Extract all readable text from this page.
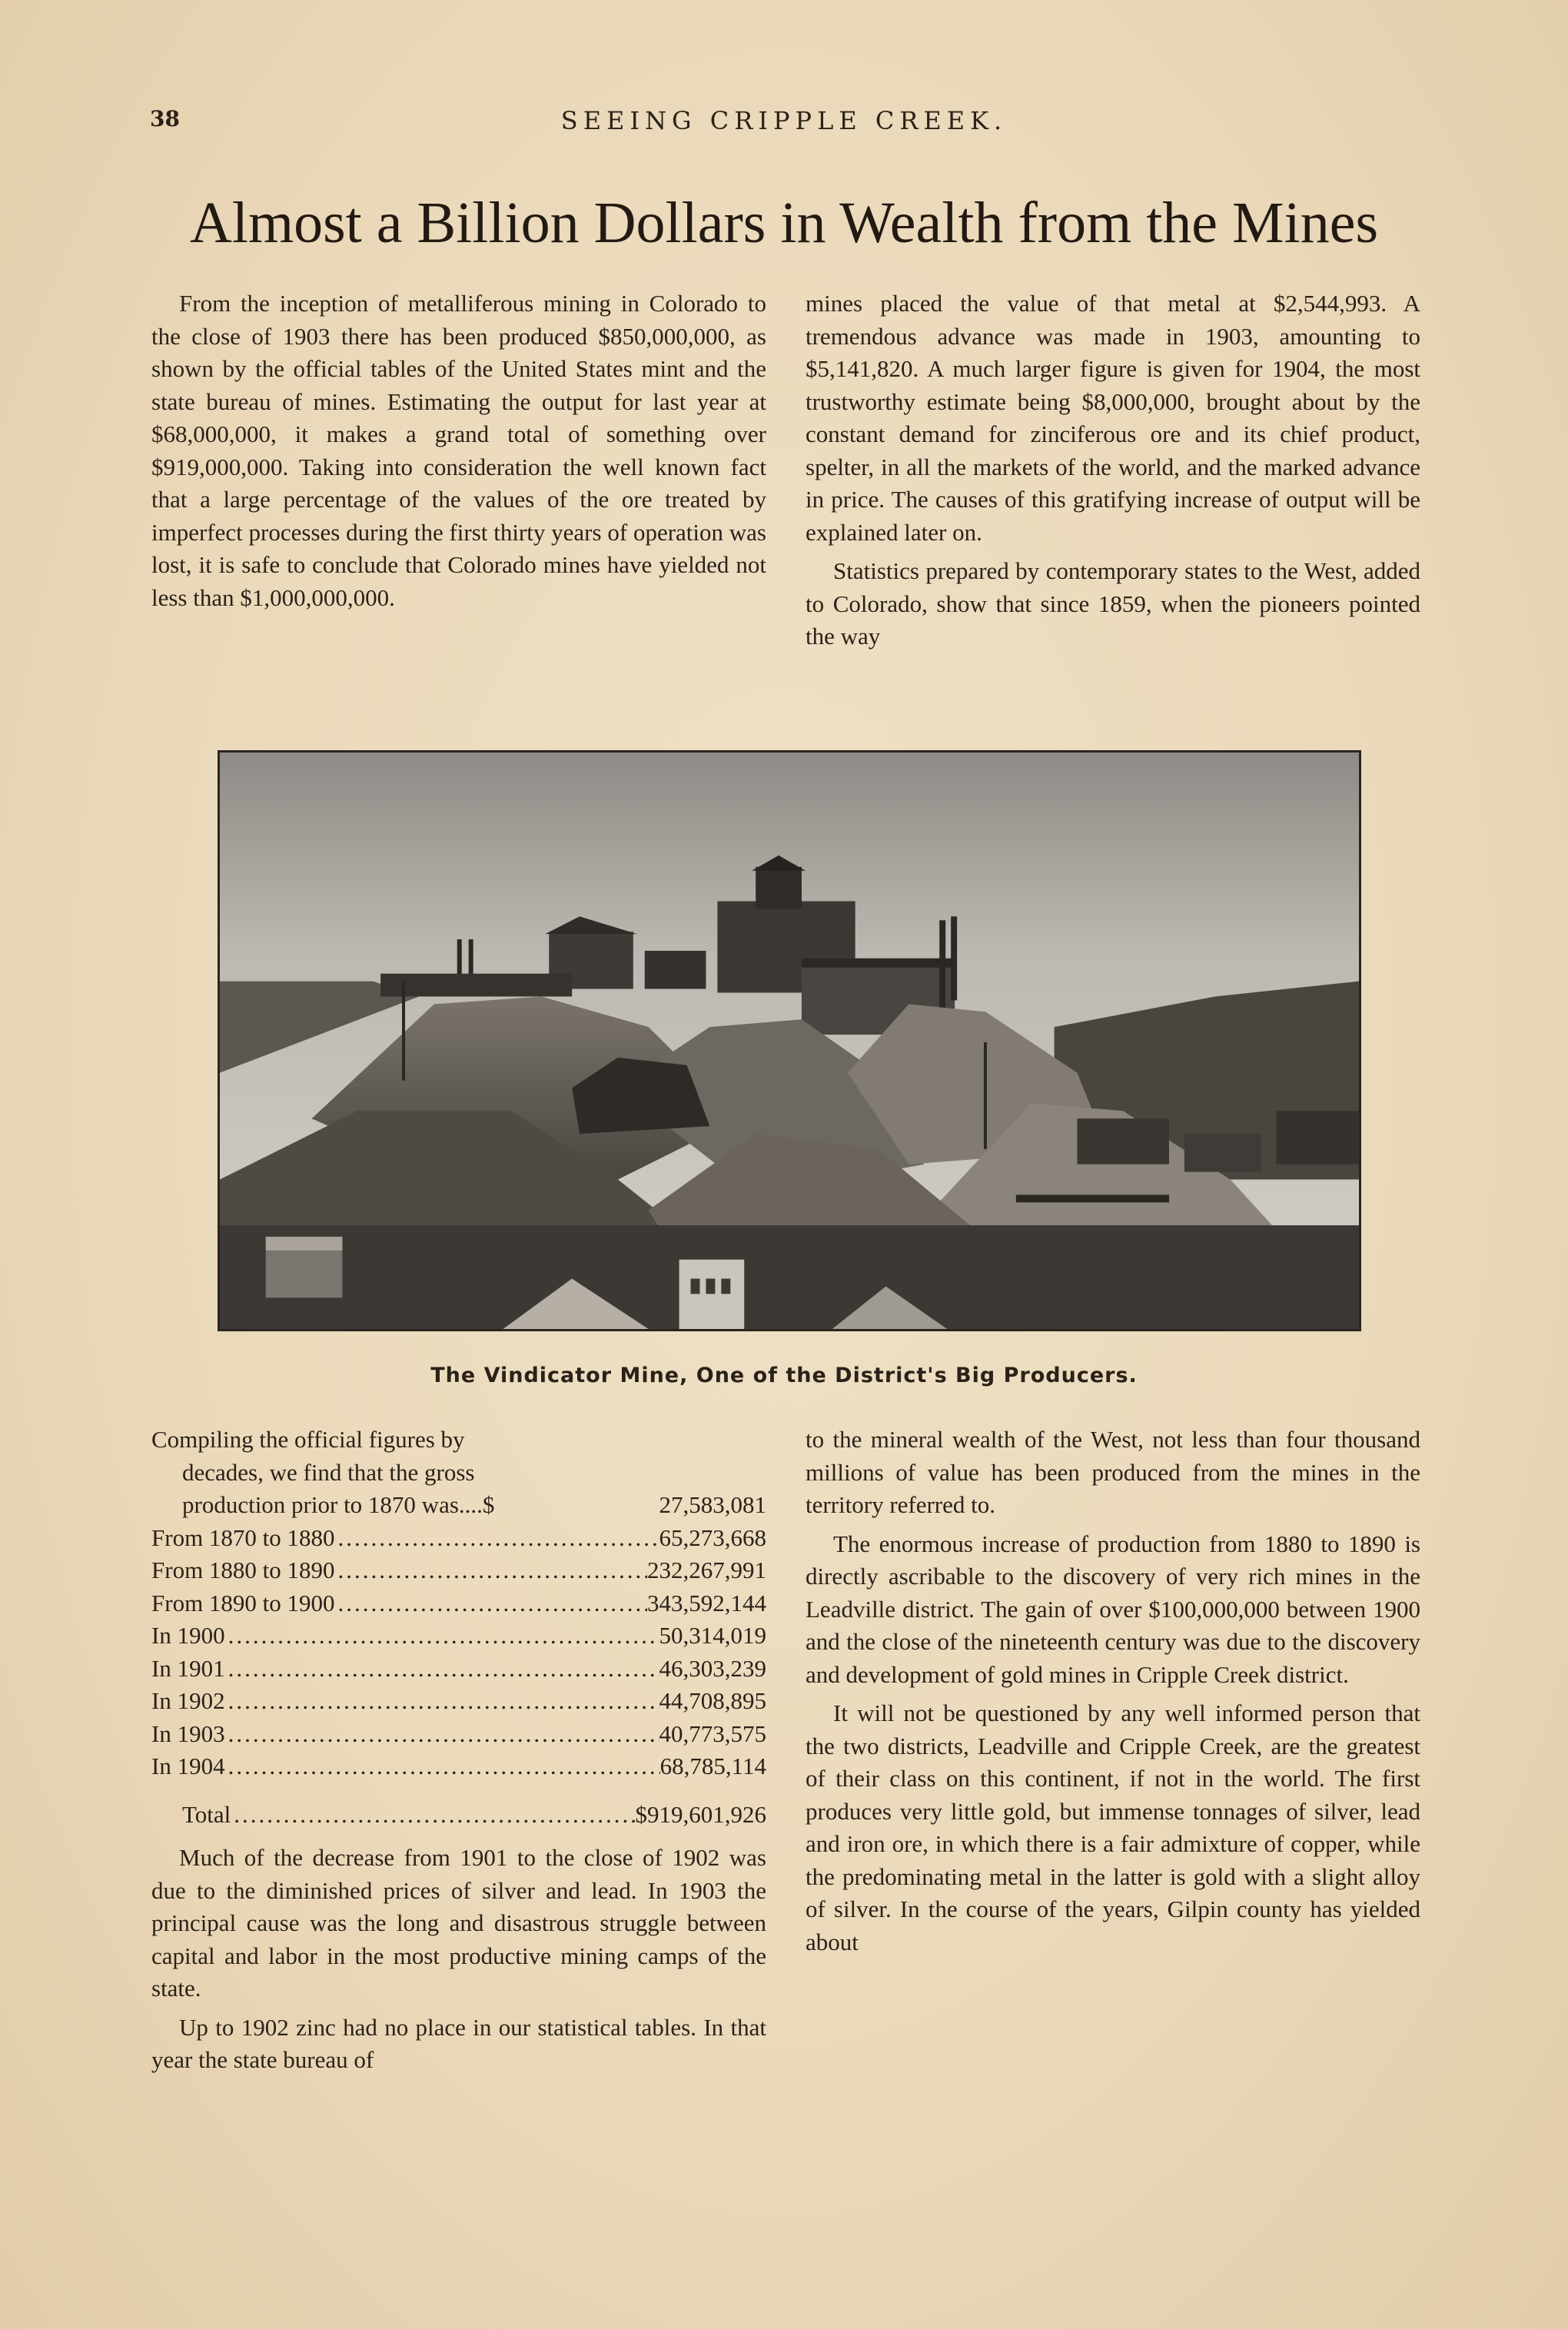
38	SEEING CRIPPLE CREEK.
Almost a Billion Dollars in Wealth from the Mines

From the inception of metalliferous mining in Colorado to the close of 1903 there has been produced $850,000,000, as shown by the official tables of the United States mint and the state bureau of mines. Estimating the output for last year at $68,000,000, it makes a grand total of something over $919,000,000. Taking into consideration the well known fact that a large percentage of the values of the ore treated by imperfect processes during the first thirty years of operation was lost, it is safe to conclude that Colorado mines have yielded not less than $1,000,000,000.

mines placed the value of that metal at $2,544,993. A tremendous advance was made in 1903, amounting to $5,141,820. A much larger figure is given for 1904, the most trustworthy estimate being $8,000,000, brought about by the constant demand for zinciferous ore and its chief product, spelter, in all the markets of the world, and the marked advance in price. The causes of this gratifying increase of output will be explained later on.

Statistics prepared by contemporary states to the West, added to Colorado, show that since 1859, when the pioneers pointed the way

The Vindicator Mine, One of the District's Big Producers.
Compiling the official figures by
decades, we find that the gross
production prior to 1870 was....$	27,583,081
From 1870 to 1880 .....	65,273,668
From 1880 to 1890 .....	232,267,991
From 1890 to 1900 .....	343,592,144
In 1900 .....	50,314,019
In 1901 .....	46,303,239
In 1902 .....	44,708,895
In 1903 .....	40,773,575
In 1904 .....	68,785,114
Total .....	$919,601,926

Much of the decrease from 1901 to the close of 1902 was due to the diminished prices of silver and lead. In 1903 the principal cause was the long and disastrous struggle between capital and labor in the most productive mining camps of the state.

Up to 1902 zinc had no place in our statistical tables. In that year the state bureau of

to the mineral wealth of the West, not less than four thousand millions of value has been produced from the mines in the territory referred to.

The enormous increase of production from 1880 to 1890 is directly ascribable to the discovery of very rich mines in the Leadville district. The gain of over $100,000,000 between 1900 and the close of the nineteenth century was due to the discovery and development of gold mines in Cripple Creek district.

It will not be questioned by any well informed person that the two districts, Leadville and Cripple Creek, are the greatest of their class on this continent, if not in the world. The first produces very little gold, but immense tonnages of silver, lead and iron ore, in which there is a fair admixture of copper, while the predominating metal in the latter is gold with a slight alloy of silver. In the course of the years, Gilpin county has yielded about
